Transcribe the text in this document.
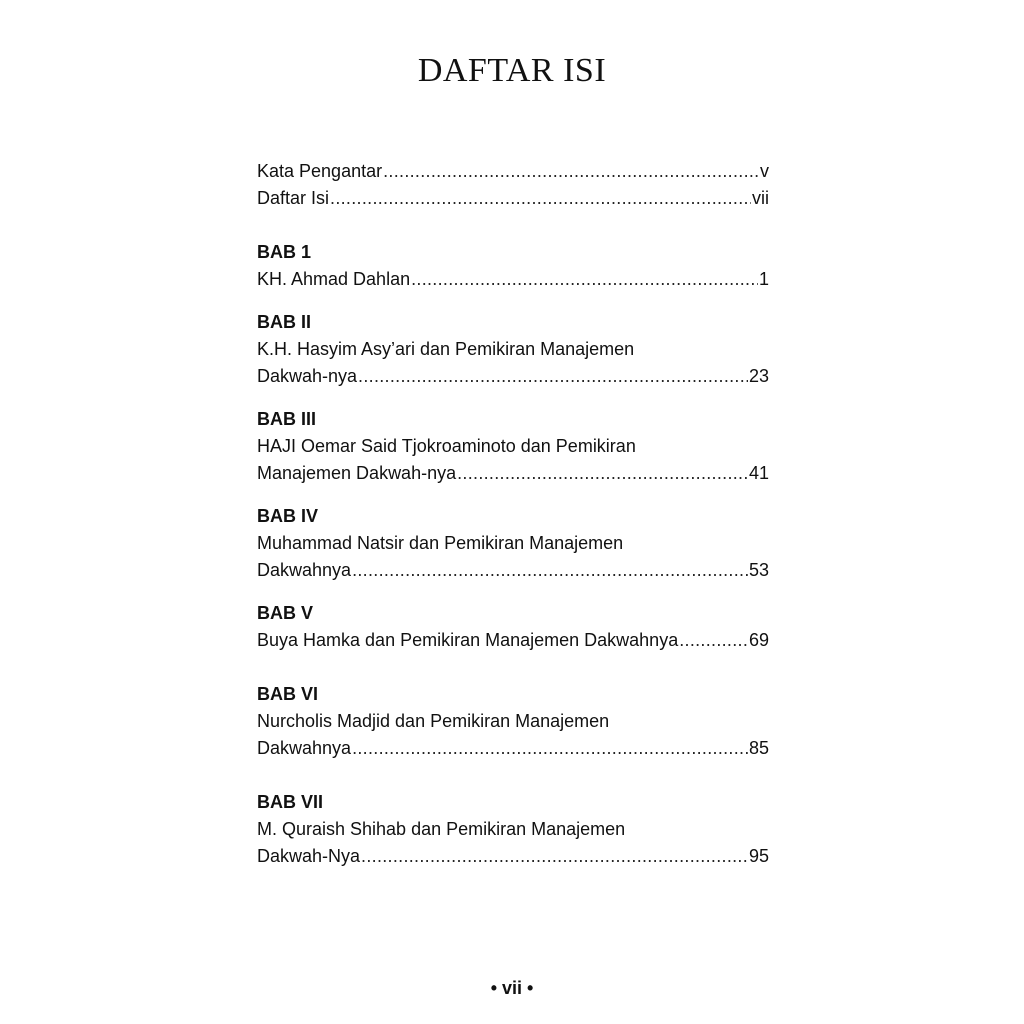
DAFTAR ISI
Kata Pengantar .....	v
Daftar Isi .....	vii
BAB 1
KH. Ahmad Dahlan .....	1
BAB II
K.H. Hasyim Asy’ari dan Pemikiran Manajemen
Dakwah-nya .....	23
BAB III
HAJI Oemar Said Tjokroaminoto dan Pemikiran
Manajemen Dakwah-nya .....	41
BAB IV
Muhammad Natsir dan Pemikiran Manajemen
Dakwahnya .....	53
BAB V
Buya Hamka dan Pemikiran Manajemen Dakwahnya .....	69
BAB VI
Nurcholis Madjid dan Pemikiran Manajemen
Dakwahnya .....	85
BAB VII
M. Quraish Shihab dan Pemikiran Manajemen
Dakwah-Nya .....	95
• vii •
